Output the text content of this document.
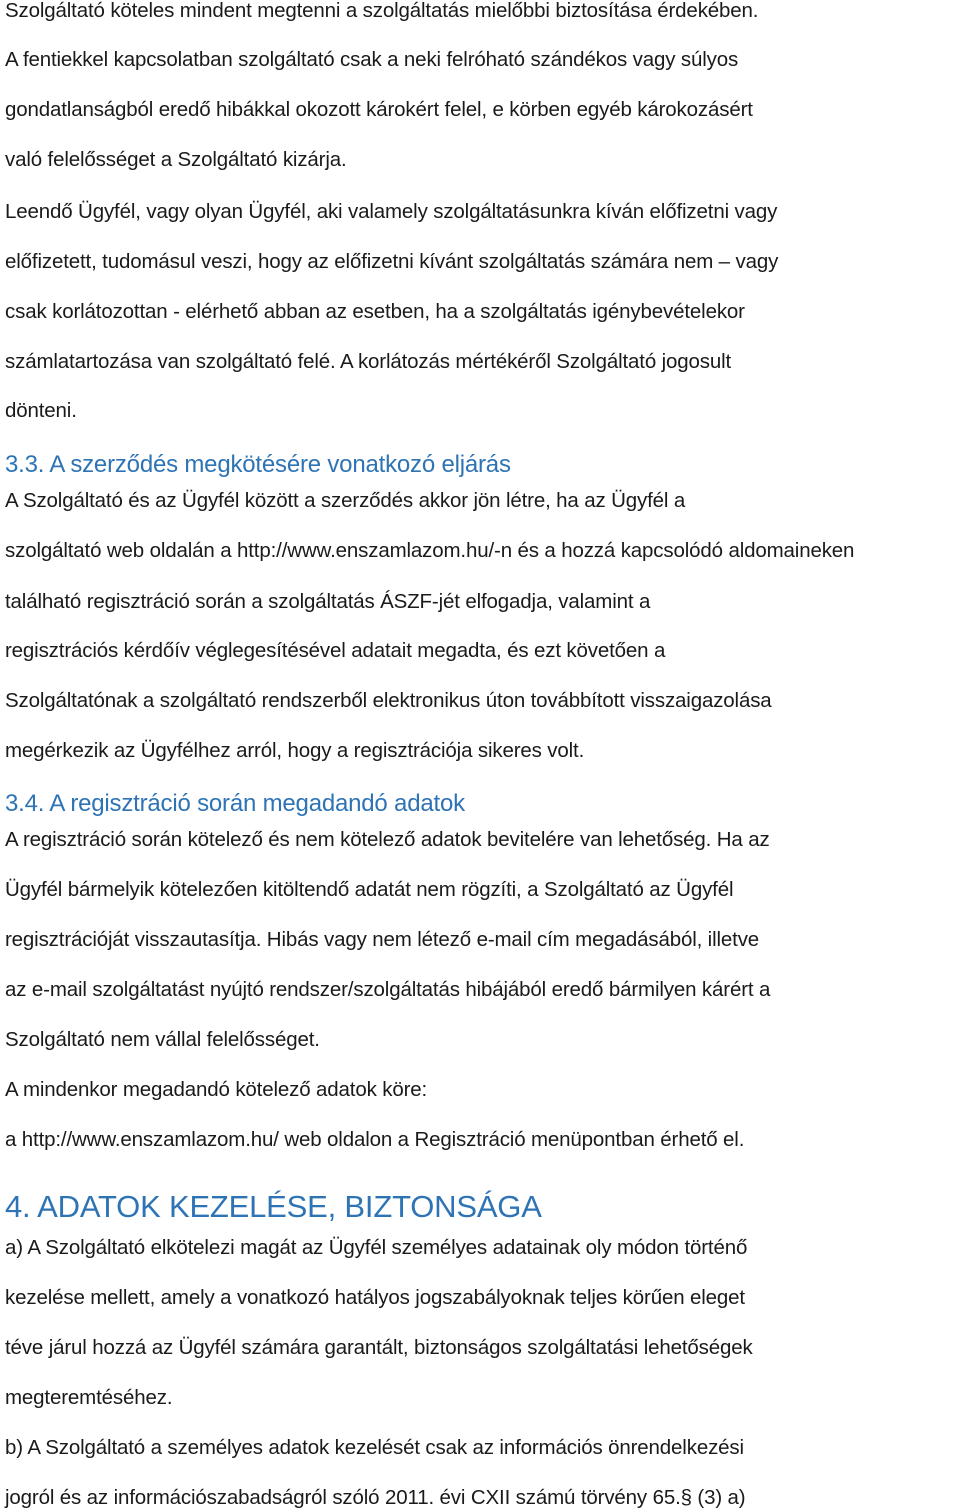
Szolgáltató köteles mindent megtenni a szolgáltatás mielőbbi biztosítása érdekében.
A fentiekkel kapcsolatban szolgáltató csak a neki felróható szándékos vagy súlyos
gondatlanságból eredő hibákkal okozott károkért felel, e körben egyéb károkozásért
való felelősséget a Szolgáltató kizárja.
Leendő Ügyfél, vagy olyan Ügyfél, aki valamely szolgáltatásunkra kíván előfizetni vagy
előfizetett, tudomásul veszi, hogy az előfizetni kívánt szolgáltatás számára nem – vagy
csak korlátozottan - elérhető abban az esetben, ha a szolgáltatás igénybevételekor
számlatartozása van szolgáltató felé. A korlátozás mértékéről Szolgáltató jogosult
dönteni.
3.3. A szerződés megkötésére vonatkozó eljárás
A Szolgáltató és az Ügyfél között a szerződés akkor jön létre, ha az Ügyfél a
szolgáltató web oldalán a http://www.enszamlazom.hu/-n és a hozzá kapcsolódó aldomaineken
található regisztráció során a szolgáltatás ÁSZF-jét elfogadja, valamint a
regisztrációs kérdőív véglegesítésével adatait megadta, és ezt követően a
Szolgáltatónak a szolgáltató rendszerből elektronikus úton továbbított visszaigazolása
megérkezik az Ügyfélhez arról, hogy a regisztrációja sikeres volt.
3.4. A regisztráció során megadandó adatok
A regisztráció során kötelező és nem kötelező adatok bevitelére van lehetőség. Ha az
Ügyfél bármelyik kötelezően kitöltendő adatát nem rögzíti, a Szolgáltató az Ügyfél
regisztrációját visszautasítja. Hibás vagy nem létező e-mail cím megadásából, illetve
az e-mail szolgáltatást nyújtó rendszer/szolgáltatás hibájából eredő bármilyen kárért a
Szolgáltató nem vállal felelősséget.
A mindenkor megadandó kötelező adatok köre:
a http://www.enszamlazom.hu/ web oldalon a Regisztráció menüpontban érhető el.
4. ADATOK KEZELÉSE, BIZTONSÁGA
a) A Szolgáltató elkötelezi magát az Ügyfél személyes adatainak oly módon történő
kezelése mellett, amely a vonatkozó hatályos jogszabályoknak teljes körűen eleget
téve járul hozzá az Ügyfél számára garantált, biztonságos szolgáltatási lehetőségek
megteremtéséhez.
b) A Szolgáltató a személyes adatok kezelését csak az információs önrendelkezési
jogról és az információszabadságról szóló 2011. évi CXII számú törvény 65.§ (3) a)
